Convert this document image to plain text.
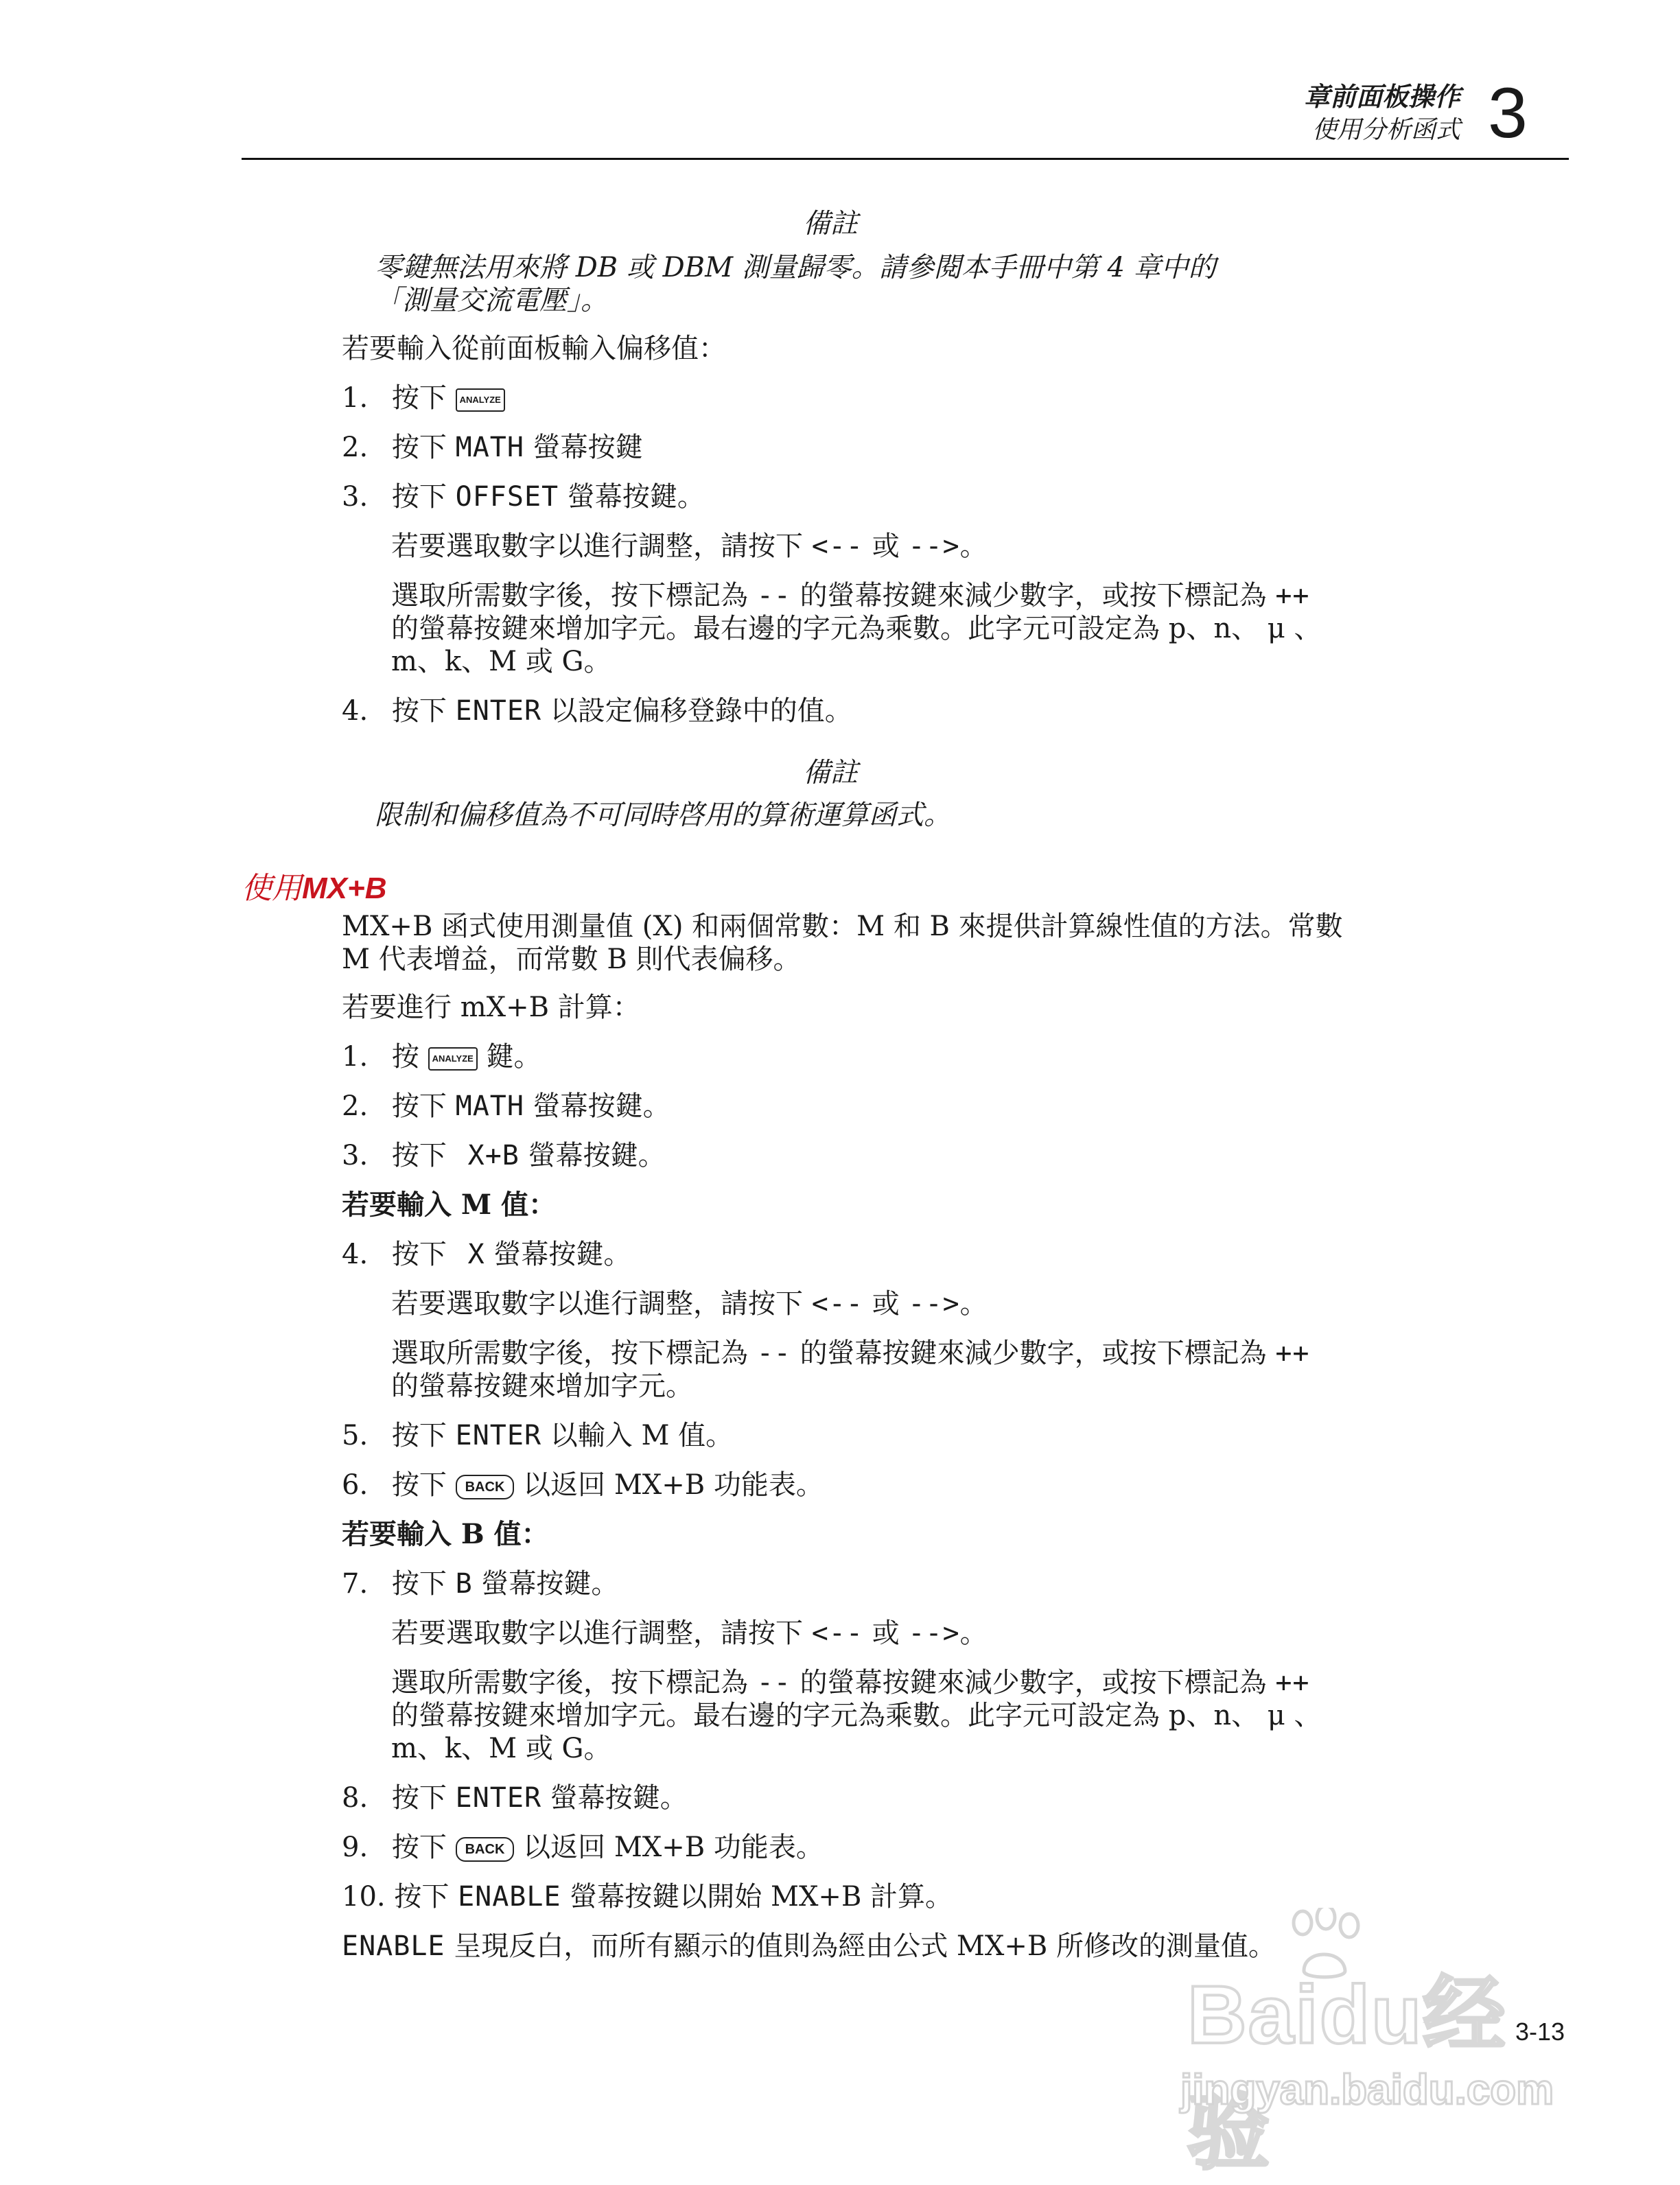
章前面板操作
使用分析函式 3
備註
零鍵無法用來將 DB 或 DBM 測量歸零。請參閱本手冊中第 4 章中的
「測量交流電壓」。
若要輸入從前面板輸入偏移值：
1. 按下 ANALYZE
2. 按下 MATH 螢幕按鍵
3. 按下 OFFSET 螢幕按鍵。
若要選取數字以進行調整，請按下 <-- 或 -->。
選取所需數字後，按下標記為 -- 的螢幕按鍵來減少數字，或按下標記為 ++
的螢幕按鍵來增加字元。最右邊的字元為乘數。此字元可設定為 p、n、 μ 、
m、k、M 或 G。
4. 按下 ENTER 以設定偏移登錄中的值。
備註
限制和偏移值為不可同時啓用的算術運算函式。
使用MX+B
MX+B 函式使用測量值 (X) 和兩個常數：M 和 B 來提供計算線性值的方法。常數
M 代表增益，而常數 B 則代表偏移。
若要進行 mX+B 計算：
1. 按 ANALYZE 鍵。
2. 按下 MATH 螢幕按鍵。
3. 按下 X+B 螢幕按鍵。
若要輸入 M 值：
4. 按下 X 螢幕按鍵。
若要選取數字以進行調整，請按下 <-- 或 -->。
選取所需數字後，按下標記為 -- 的螢幕按鍵來減少數字，或按下標記為 ++
的螢幕按鍵來增加字元。
5. 按下 ENTER 以輸入 M 值。
6. 按下 BACK 以返回 MX+B 功能表。
若要輸入 B 值：
7. 按下 B 螢幕按鍵。
若要選取數字以進行調整，請按下 <-- 或 -->。
選取所需數字後，按下標記為 -- 的螢幕按鍵來減少數字，或按下標記為 ++
的螢幕按鍵來增加字元。最右邊的字元為乘數。此字元可設定為 p、n、 μ 、
m、k、M 或 G。
8. 按下 ENTER 螢幕按鍵。
9. 按下 BACK 以返回 MX+B 功能表。
10. 按下 ENABLE 螢幕按鍵以開始 MX+B 計算。
ENABLE 呈現反白，而所有顯示的值則為經由公式 MX+B 所修改的測量值。
3-13
Baidu经验
jingyan.baidu.com
